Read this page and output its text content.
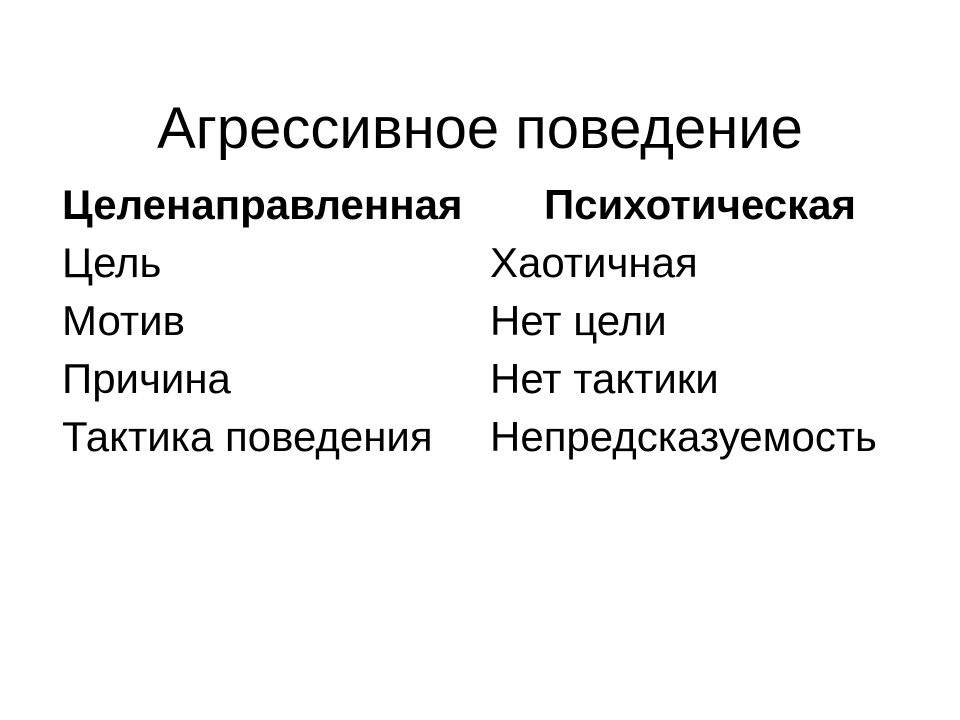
Агрессивное поведение
Целенаправленная
Цель
Мотив
Причина
Тактика поведения
Психотическая
Хаотичная
Нет цели
Нет тактики
Непредсказуемость
